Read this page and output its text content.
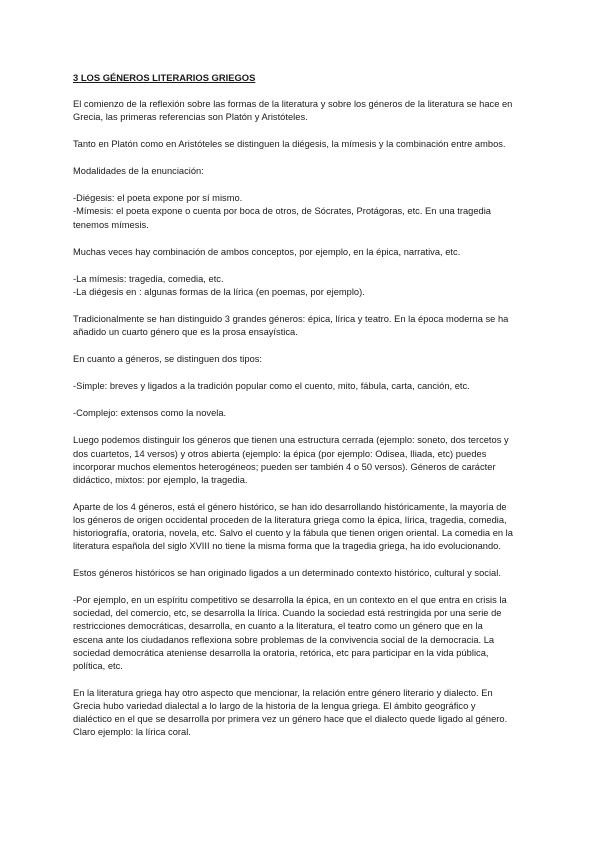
3 LOS GÉNEROS LITERARIOS GRIEGOS
El comienzo de la reflexión sobre las formas de la literatura y sobre los géneros de la literatura se hace en
Grecia, las primeras referencias son Platón y Aristóteles.
Tanto en Platón como en Aristóteles se distinguen la diégesis, la mímesis y la combinación entre ambos.
Modalidades de la enunciación:
-Diégesis: el poeta expone por sí mismo.
-Mímesis: el poeta expone o cuenta por boca de otros, de Sócrates, Protágoras, etc. En una tragedia
tenemos mímesis.
Muchas veces hay combinación de ambos conceptos, por ejemplo, en la épica, narrativa, etc.
-La mímesis: tragedia, comedia, etc.
-La diégesis en : algunas formas de la lírica (en poemas, por ejemplo).
Tradicionalmente se han distinguido 3 grandes géneros: épica, lírica y teatro. En la época moderna se ha
añadido un cuarto género que es la prosa ensayística.
En cuanto a géneros, se distinguen dos tipos:
-Simple: breves y ligados a la tradición popular como el cuento, mito, fábula, carta, canción, etc.
-Complejo: extensos como la novela.
Luego podemos distinguir los géneros que tienen una estructura cerrada (ejemplo: soneto, dos tercetos y
dos cuartetos, 14 versos) y otros abierta (ejemplo: la épica (por ejemplo: Odisea, Iliada, etc) puedes
incorporar muchos elementos heterogéneos; pueden ser también 4 o 50 versos). Géneros de carácter
didáctico, mixtos: por ejemplo, la tragedia.
Aparte de los 4 géneros, está el género histórico, se han ido desarrollando históricamente, la mayoría de
los géneros de origen occidental proceden de la literatura griega como la épica, lírica, tragedia, comedia,
historiografía, oratoria, novela, etc. Salvo el cuento y la fábula que tienen origen oriental. La comedia en la
literatura española del siglo XVIII no tiene la misma forma que la tragedia griega, ha ido evolucionando.
Estos géneros históricos se han originado ligados a un determinado contexto histórico, cultural y social.
-Por ejemplo, en un espíritu competitivo se desarrolla la épica, en un contexto en el que entra en crisis la
sociedad, del comercio, etc, se desarrolla la lírica. Cuando la sociedad está restringida por una serie de
restricciones democráticas, desarrolla, en cuanto a la literatura, el teatro como un género que en la
escena ante los ciudadanos reflexiona sobre problemas de la convivencia social de la democracia. La
sociedad democrática ateniense desarrolla la oratoria, retórica, etc para participar en la vida pública,
política, etc.
En la literatura griega hay otro aspecto que mencionar, la relación entre género literario y dialecto. En
Grecia hubo variedad dialectal a lo largo de la historia de la lengua griega. El ámbito geográfico y
dialéctico en el que se desarrolla por primera vez un género hace que el dialecto quede ligado al género.
Claro ejemplo: la lírica coral.
